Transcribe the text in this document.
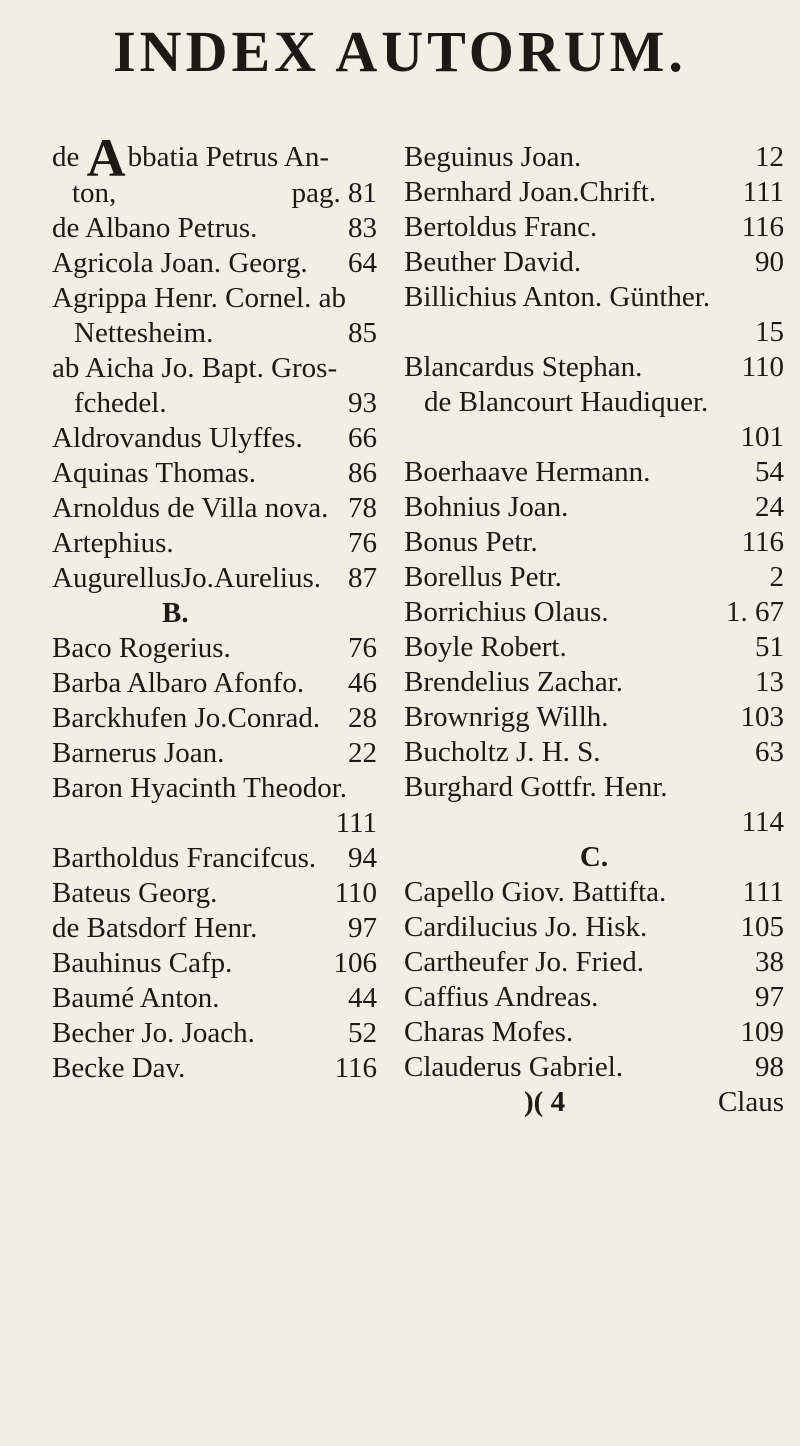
INDEX AUTORUM.
de Abbatia Petrus An-
ton,	pag. 81
de Albano Petrus.	83
Agricola Joan. Georg. 64
Agrippa Henr. Cornel. ab
Nettesheim.	85
ab Aicha Jo. Bapt. Gros-
fchedel.	93
Aldrovandus Ulyffes. 66
Aquinas Thomas.	86
Arnoldus de Villa nova. 78
Artephius.	76
AugurellusJo.Aurelius. 87
B.
Baco Rogerius.	76
Barba Albaro Afonfo. 46
Barckhufen Jo.Conrad. 28
Barnerus Joan.	22
Baron Hyacinth Theodor.
111
Bartholdus Francifcus. 94
Bateus Georg.	110
de Batsdorf Henr.	97
Bauhinus Cafp.	106
Baumé Anton.	44
Becher Jo. Joach.	52
Becke Dav.	116
Beguinus Joan.	12
Bernhard Joan.Chrift.	111
Bertoldus Franc.	116
Beuther David.	90
Billichius Anton. Günther.
15
Blancardus Stephan.	110
de Blancourt Haudiquer.
101
Boerhaave Hermann.	54
Bohnius Joan.	24
Bonus Petr.	116
Borellus Petr.	2
Borrichius Olaus.	1. 67
Boyle Robert.	51
Brendelius Zachar.	13
Brownrigg Willh.	103
Bucholtz J. H. S.	63
Burghard Gottfr. Henr.
114
C.
Capello Giov. Battifta.	111
Cardilucius Jo. Hisk.	105
Cartheufer Jo. Fried.	38
Caffius Andreas.	97
Charas Mofes.	109
Clauderus Gabriel.	98
)( 4	Claus
